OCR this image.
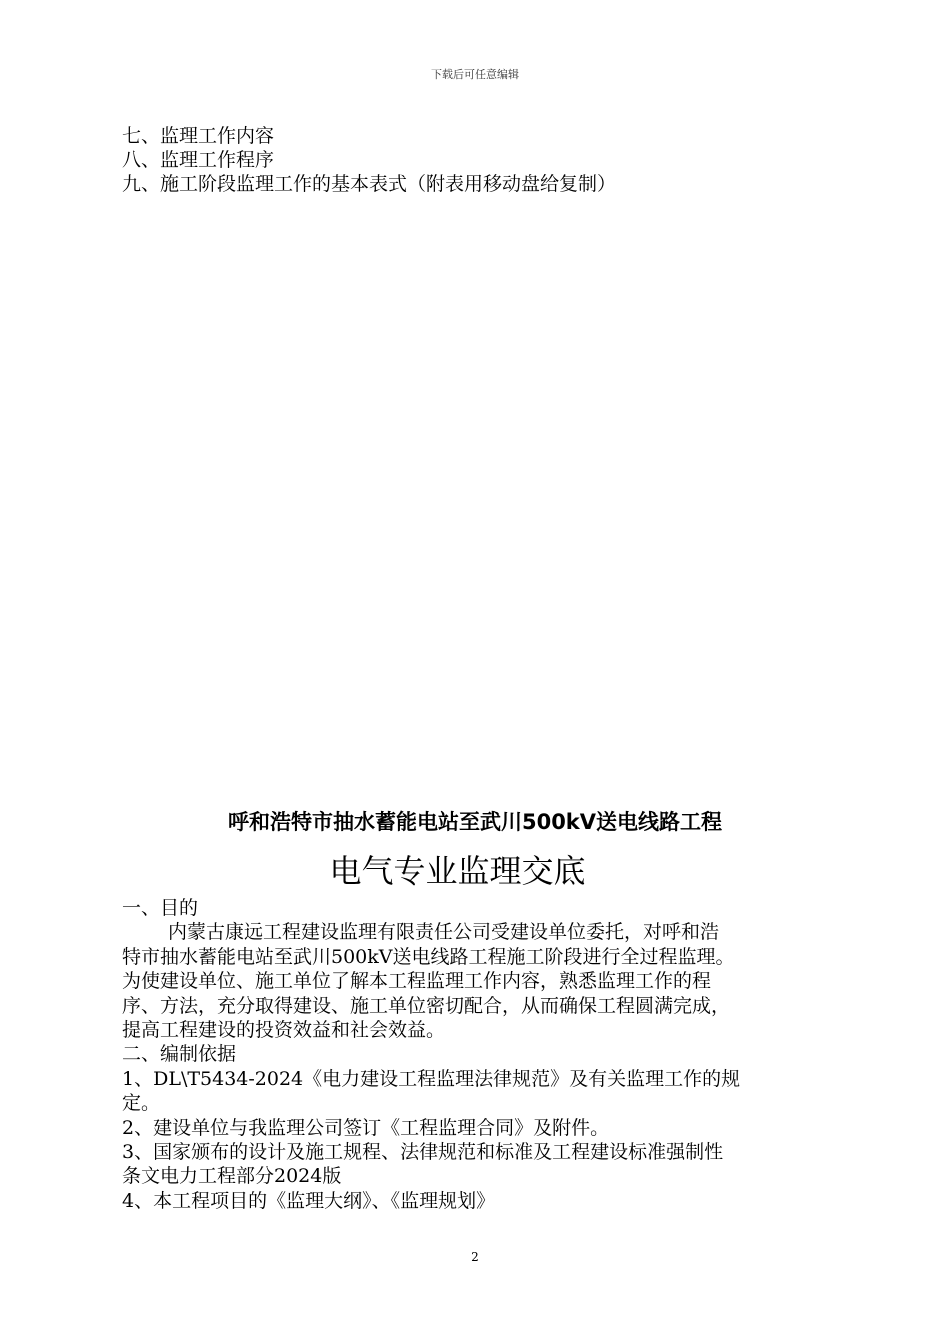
下载后可任意编辑
七、监理工作内容
八、监理工作程序
九、施工阶段监理工作的基本表式（附表用移动盘给复制）
呼和浩特市抽水蓄能电站至武川500kV送电线路工程
电气专业监理交底
一、目的
内蒙古康远工程建设监理有限责任公司受建设单位委托，对呼和浩
特市抽水蓄能电站至武川500kV送电线路工程施工阶段进行全过程监理。
为使建设单位、施工单位了解本工程监理工作内容，熟悉监理工作的程
序、方法，充分取得建设、施工单位密切配合，从而确保工程圆满完成，
提高工程建设的投资效益和社会效益。
二、编制依据
1、DL\T5434-2024《电力建设工程监理法律规范》及有关监理工作的规
定。
2、建设单位与我监理公司签订《工程监理合同》及附件。
3、国家颁布的设计及施工规程、法律规范和标准及工程建设标准强制性
条文电力工程部分2024版
4、本工程项目的《监理大纲》、《监理规划》
2
